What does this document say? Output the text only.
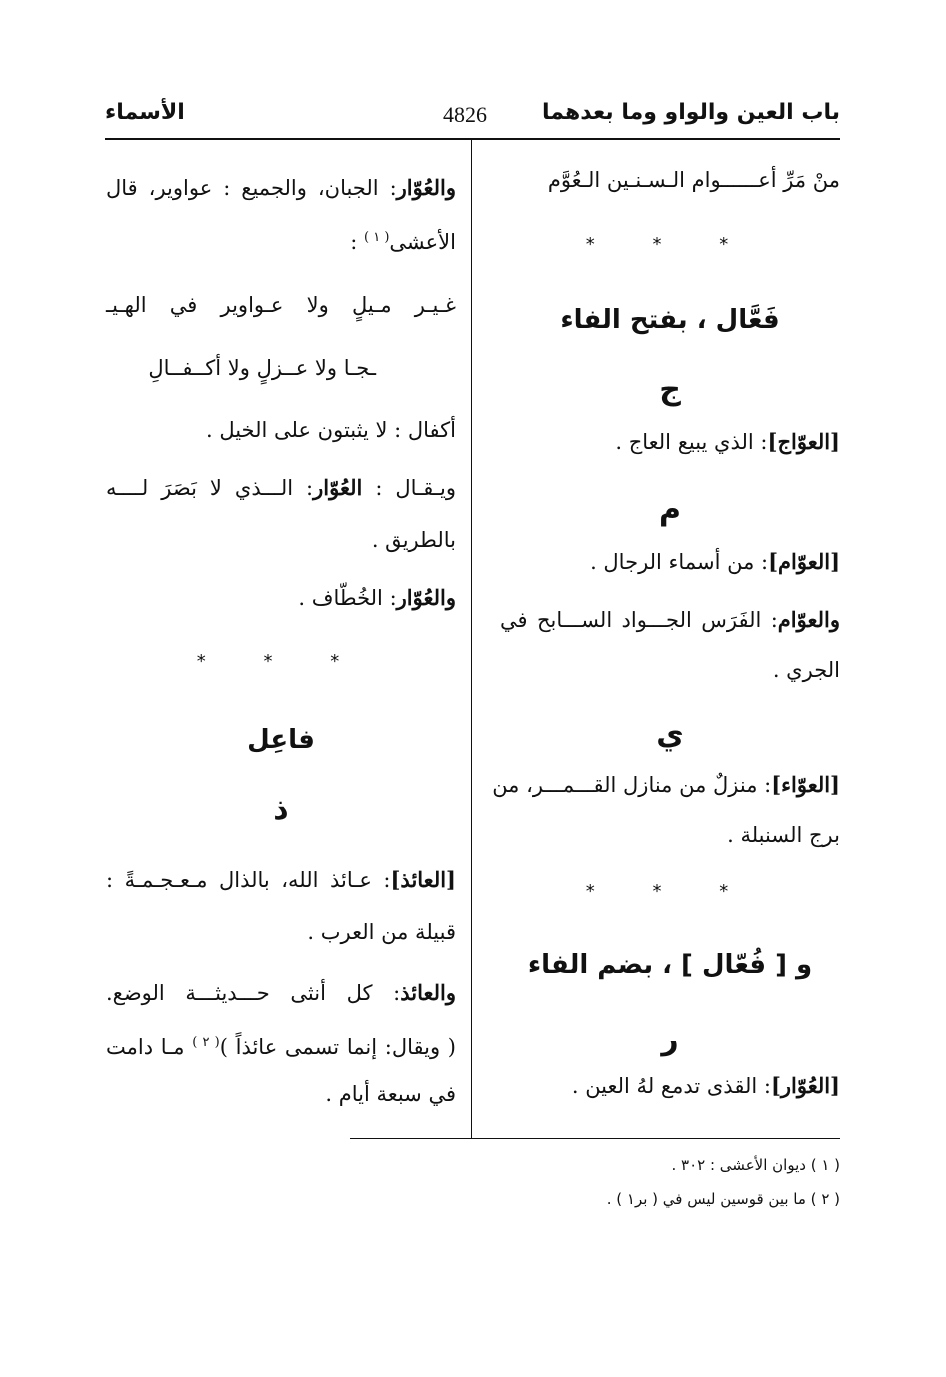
باب العين والواو وما بعدهما
4826
الأسماء
منْ مَرِّ أعــــــوام الـسـنـين الـعُوَّم
* * *
فَعَّال ، بفتح الفاء
ج
[العوّاج]: الذي يبيع العاج .
م
[العوّام]: من أسماء الرجال .
والعوّام: الفَرَس الجـــواد الســـابح في
الجري .
ي
[العوّاء]: منزلٌ من منازل القـــمـــر، من
برج السنبلة .
* * *
و [ فُعّال ] ، بضم الفاء
ر
[العُوّار]: القذى تدمع لهُ العين .
والعُوّار: الجبان، والجميع : عواوير، قال
الأعشى$^{( ١ )}$ :
غـيـر مـيلٍ ولا عـواوير في الهـيـ
ـجـا ولا عــزلٍ ولا أكــفــالِ
أكفال : لا يثبتون على الخيل .
ويـقـال : العُوّار: الـــذي لا بَصَرَ لــــه
بالطريق .
والعُوّار: الخُطّاف .
* * *
فاعِل
ذ
[العائذ]: عـائذ الله، بالذال مـعـجـمـةً :
قبيلة من العرب .
والعائذ: كل أنثى حـــديثـــة الوضع.
( ويقال: إنما تسمى عائذاً )$^{( ٢ )}$ مـا دامت
في سبعة أيام .
( ١ ) ديوان الأعشى : ٣٠٢ .
( ٢ ) ما بين قوسين ليس في ( بر١ ) .
